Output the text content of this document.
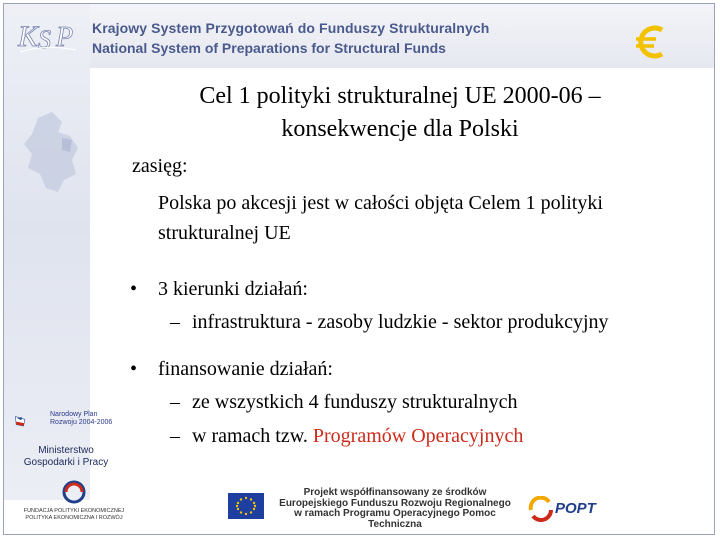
K S P Krajowy System Przygotowań do Funduszy Strukturalnych
National System of Preparations for Structural Funds
Cel 1 polityki strukturalnej UE 2000-06 –
konsekwencje dla Polski
zasięg:
Polska po akcesji jest w całości objęta Celem 1 polityki
strukturalnej UE
• 3 kierunki działań:
– infrastruktura - zasoby ludzkie - sektor produkcyjny
• finansowanie działań:
– ze wszystkich 4 funduszy strukturalnych
– w ramach tzw. Programów Operacyjnych
Narodowy Plan
Rozwoju 2004-2006
Ministerstwo
Gospodarki i Pracy
FUNDACJA POLITYKI EKONOMICZNEJ
POLITYKA EKONOMICZNA I ROZWÓJ
Projekt współfinansowany ze środków
Europejskiego Funduszu Rozwoju Regionalnego
w ramach Programu Operacyjnego Pomoc Techniczna
POPT
